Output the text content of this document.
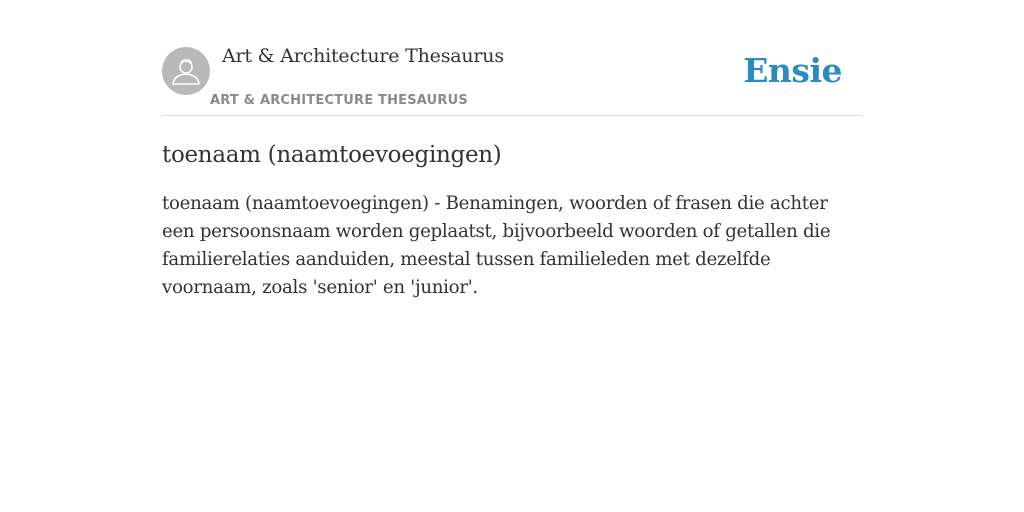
Art & Architecture Thesaurus
ART & ARCHITECTURE THESAURUS
Ensie
toenaam (naamtoevoegingen)

toenaam (naamtoevoegingen) - Benamingen, woorden of frasen die achter een persoonsnaam worden geplaatst, bijvoorbeeld woorden of getallen die familierelaties aanduiden, meestal tussen familieleden met dezelfde voornaam, zoals 'senior' en 'junior'.
